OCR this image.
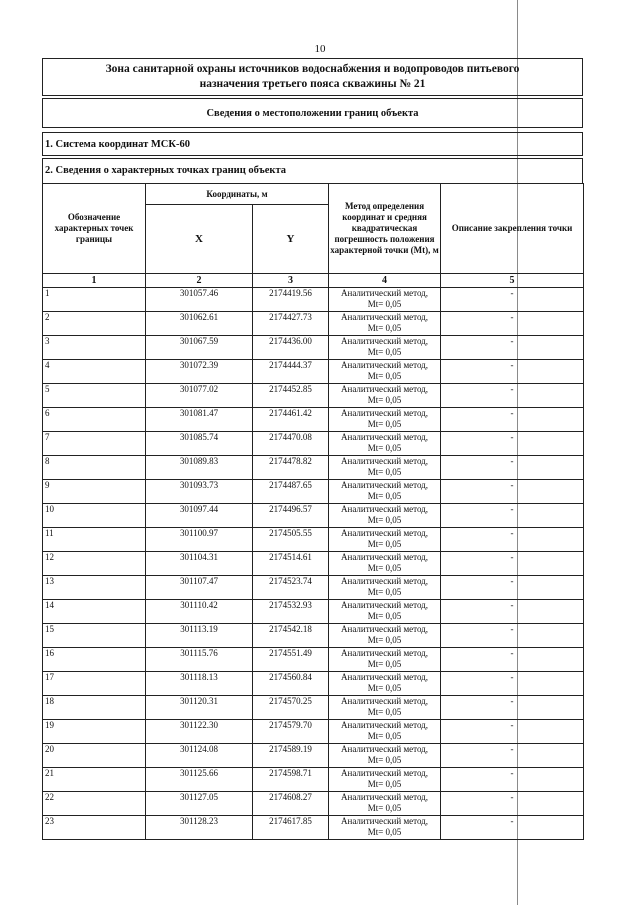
10
Зона санитарной охраны источников водоснабжения и водопроводов питьевого
назначения третьего пояса скважины № 21
Сведения о местоположении границ объекта
1. Система координат МСК-60
2. Сведения о характерных точках границ объекта
Обозначение характерных точек границы	Координаты, м		Метод определения координат и средняя квадратическая погрешность положения характерной точки (Mt), м	Описание закрепления точки
	X	Y		
1	2	3	4	5
1	301057.46	2174419.56	Аналитический метод,
Mt= 0,05	-
2	301062.61	2174427.73	Аналитический метод,
Mt= 0,05	-
3	301067.59	2174436.00	Аналитический метод,
Mt= 0,05	-
4	301072.39	2174444.37	Аналитический метод,
Mt= 0,05	-
5	301077.02	2174452.85	Аналитический метод,
Mt= 0,05	-
6	301081.47	2174461.42	Аналитический метод,
Mt= 0,05	-
7	301085.74	2174470.08	Аналитический метод,
Mt= 0,05	-
8	301089.83	2174478.82	Аналитический метод,
Mt= 0,05	-
9	301093.73	2174487.65	Аналитический метод,
Mt= 0,05	-
10	301097.44	2174496.57	Аналитический метод,
Mt= 0,05	-
11	301100.97	2174505.55	Аналитический метод,
Mt= 0,05	-
12	301104.31	2174514.61	Аналитический метод,
Mt= 0,05	-
13	301107.47	2174523.74	Аналитический метод,
Mt= 0,05	-
14	301110.42	2174532.93	Аналитический метод,
Mt= 0,05	-
15	301113.19	2174542.18	Аналитический метод,
Mt= 0,05	-
16	301115.76	2174551.49	Аналитический метод,
Mt= 0,05	-
17	301118.13	2174560.84	Аналитический метод,
Mt= 0,05	-
18	301120.31	2174570.25	Аналитический метод,
Mt= 0,05	-
19	301122.30	2174579.70	Аналитический метод,
Mt= 0,05	-
20	301124.08	2174589.19	Аналитический метод,
Mt= 0,05	-
21	301125.66	2174598.71	Аналитический метод,
Mt= 0,05	-
22	301127.05	2174608.27	Аналитический метод,
Mt= 0,05	-
23	301128.23	2174617.85	Аналитический метод,
Mt= 0,05	-
